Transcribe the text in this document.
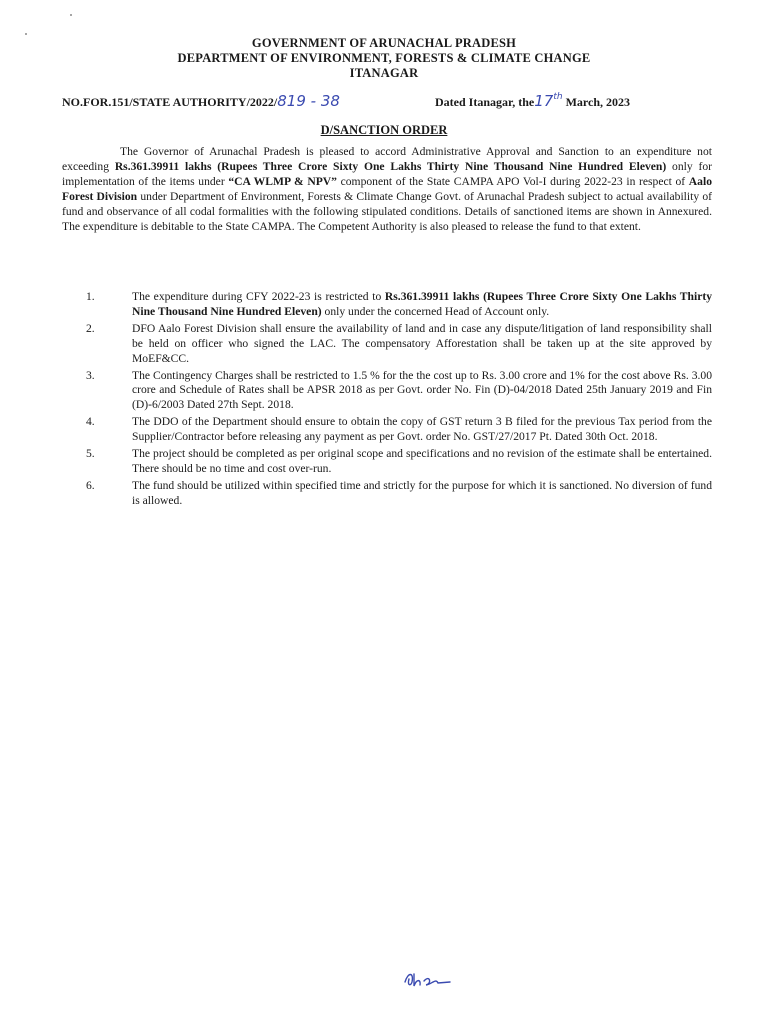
GOVERNMENT OF ARUNACHAL PRADESH
DEPARTMENT OF ENVIRONMENT, FORESTS & CLIMATE CHANGE
ITANAGAR
NO.FOR.151/STATE AUTHORITY/2022/819 - 38	Dated Itanagar, the17th March, 2023
D/SANCTION ORDER
The Governor of Arunachal Pradesh is pleased to accord Administrative Approval and Sanction to an expenditure not exceeding Rs.361.39911 lakhs (Rupees Three Crore Sixty One Lakhs Thirty Nine Thousand Nine Hundred Eleven) only for implementation of the items under “CA WLMP & NPV” component of the State CAMPA APO Vol-I during 2022-23 in respect of Aalo Forest Division under Department of Environment, Forests & Climate Change Govt. of Arunachal Pradesh subject to actual availability of fund and observance of all codal formalities with the following stipulated conditions. Details of sanctioned items are shown in Annexured. The expenditure is debitable to the State CAMPA. The Competent Authority is also pleased to release the fund to that extent.
1.	The expenditure during CFY 2022-23 is restricted to Rs.361.39911 lakhs (Rupees Three Crore Sixty One Lakhs Thirty Nine Thousand Nine Hundred Eleven) only under the concerned Head of Account only.
2.	DFO Aalo Forest Division shall ensure the availability of land and in case any dispute/litigation of land responsibility shall be held on officer who signed the LAC. The compensatory Afforestation shall be taken up at the site approved by MoEF&CC.
3.	The Contingency Charges shall be restricted to 1.5 % for the the cost up to Rs. 3.00 crore and 1% for the cost above Rs. 3.00 crore and Schedule of Rates shall be APSR 2018 as per Govt. order No. Fin (D)-04/2018 Dated 25th January 2019 and Fin (D)-6/2003 Dated 27th Sept. 2018.
4.	The DDO of the Department should ensure to obtain the copy of GST return 3 B filed for the previous Tax period from the Supplier/Contractor before releasing any payment as per Govt. order No. GST/27/2017 Pt. Dated 30th Oct. 2018.
5.	The project should be completed as per original scope and specifications and no revision of the estimate shall be entertained. There should be no time and cost over-run.
6.	The fund should be utilized within specified time and strictly for the purpose for which it is sanctioned. No diversion of fund is allowed.
